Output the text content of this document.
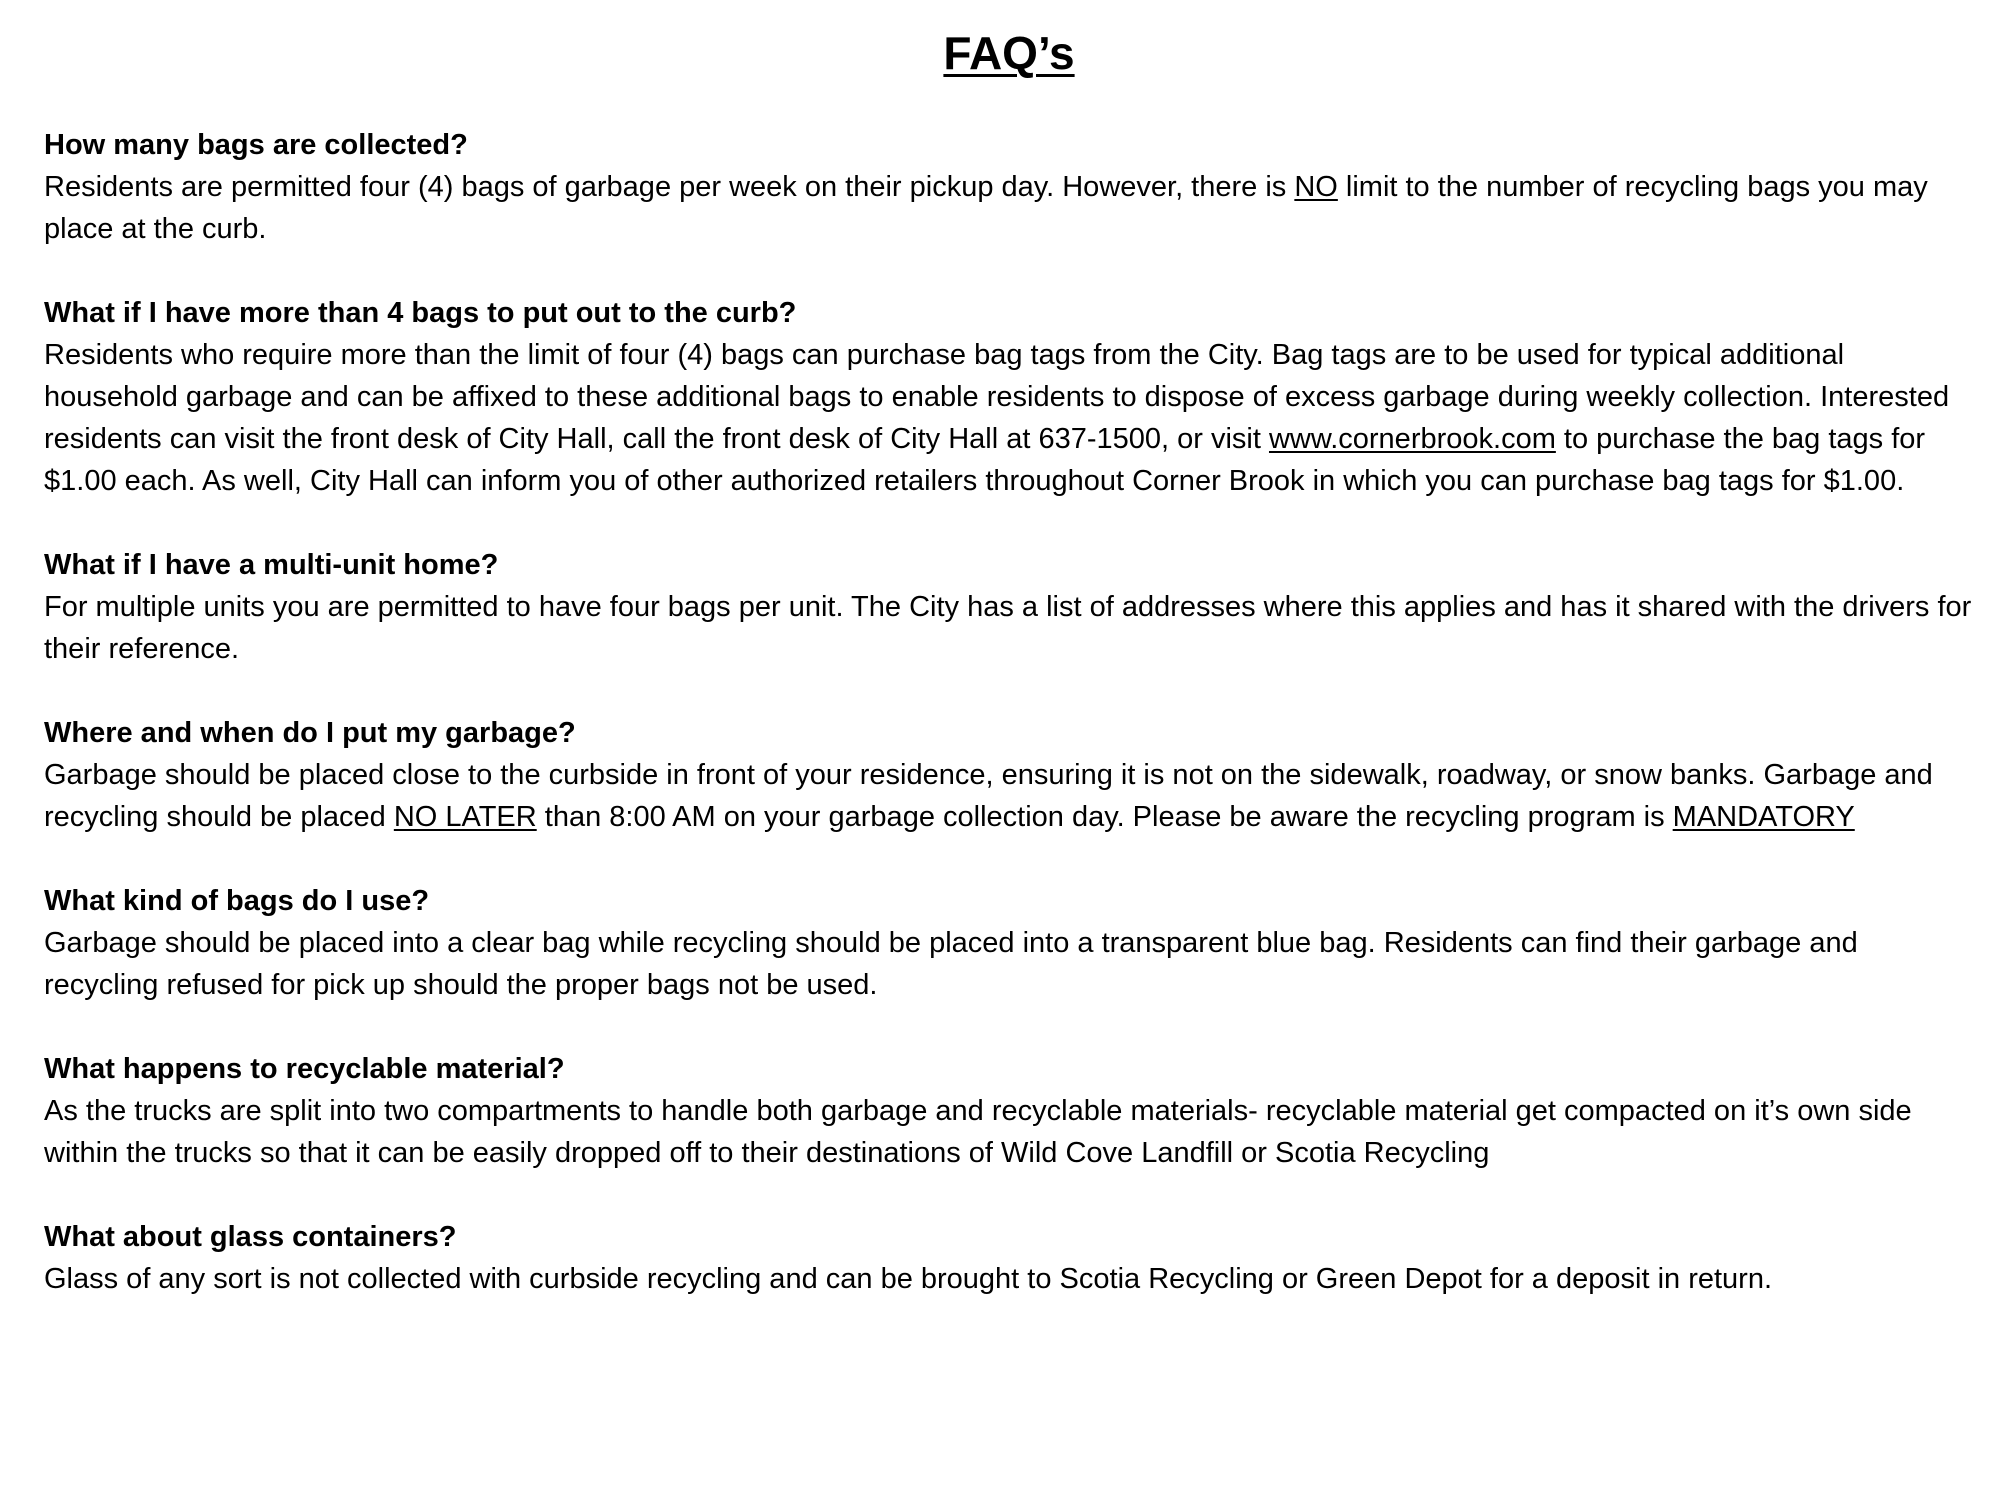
FAQ’s

How many bags are collected?

Residents are permitted four (4) bags of garbage per week on their pickup day. However, there is NO limit to the number of recycling bags you may place at the curb.

What if I have more than 4 bags to put out to the curb?

Residents who require more than the limit of four (4) bags can purchase bag tags from the City. Bag tags are to be used for typical additional household garbage and can be affixed to these additional bags to enable residents to dispose of excess garbage during weekly collection. Interested residents can visit the front desk of City Hall, call the front desk of City Hall at 637-1500, or visit www.cornerbrook.com to purchase the bag tags for $1.00 each. As well, City Hall can inform you of other authorized retailers throughout Corner Brook in which you can purchase bag tags for $1.00.

What if I have a multi-unit home?

For multiple units you are permitted to have four bags per unit. The City has a list of addresses where this applies and has it shared with the drivers for their reference.

Where and when do I put my garbage?

Garbage should be placed close to the curbside in front of your residence, ensuring it is not on the sidewalk, roadway, or snow banks. Garbage and recycling should be placed NO LATER than 8:00 AM on your garbage collection day. Please be aware the recycling program is MANDATORY

What kind of bags do I use?

Garbage should be placed into a clear bag while recycling should be placed into a transparent blue bag. Residents can find their garbage and recycling refused for pick up should the proper bags not be used.

What happens to recyclable material?

As the trucks are split into two compartments to handle both garbage and recyclable materials- recyclable material get compacted on it’s own side within the trucks so that it can be easily dropped off to their destinations of Wild Cove Landfill or Scotia Recycling

What about glass containers?

Glass of any sort is not collected with curbside recycling and can be brought to Scotia Recycling or Green Depot for a deposit in return.
